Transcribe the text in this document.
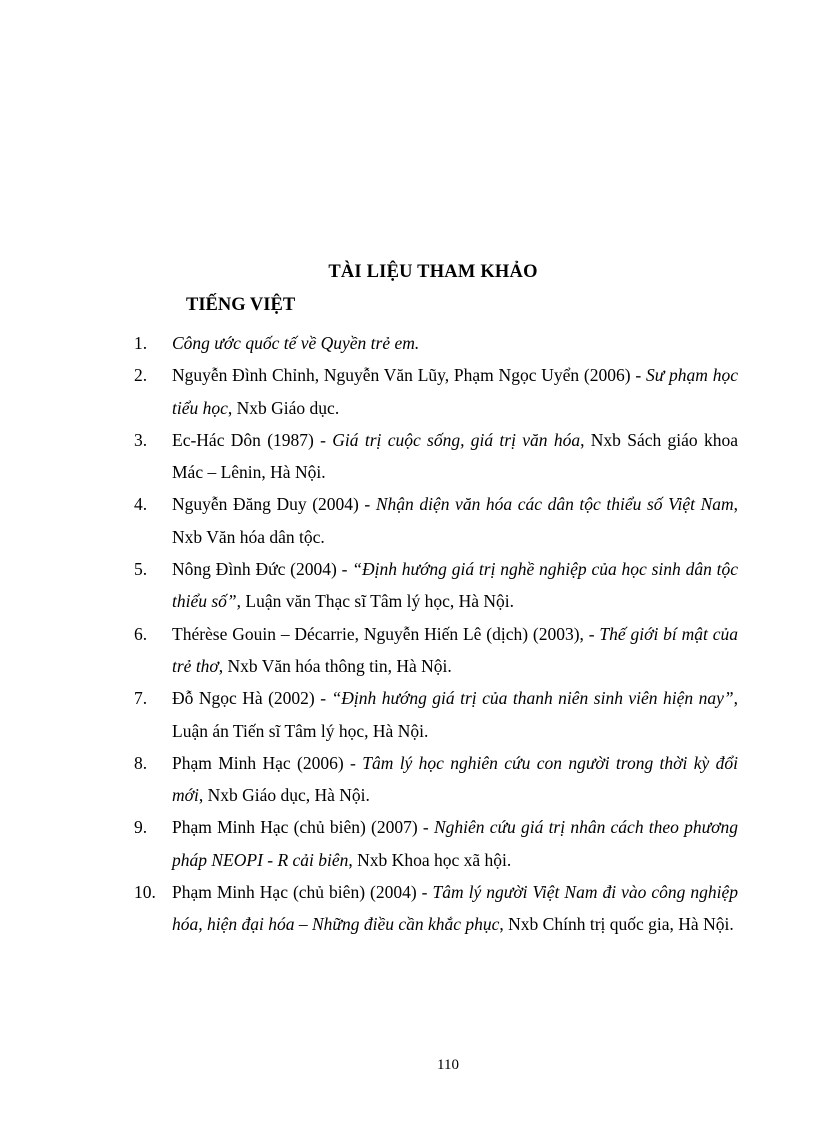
TÀI LIỆU THAM KHẢO
TIẾNG VIỆT
1. Công ước quốc tế về Quyền trẻ em.
2. Nguyễn Đình Chỉnh, Nguyễn Văn Lũy, Phạm Ngọc Uyển (2006) - Sư phạm học tiểu học, Nxb Giáo dục.
3. Ec-Hác Dôn (1987) - Giá trị cuộc sống, giá trị văn hóa, Nxb Sách giáo khoa Mác – Lênin, Hà Nội.
4. Nguyễn Đăng Duy (2004) - Nhận diện văn hóa các dân tộc thiểu số Việt Nam, Nxb Văn hóa dân tộc.
5. Nông Đình Đức (2004) - “Định hướng giá trị nghề nghiệp của học sinh dân tộc thiểu số”, Luận văn Thạc sĩ Tâm lý học, Hà Nội.
6. Thérèse Gouin – Décarrie, Nguyễn Hiến Lê (dịch) (2003), - Thế giới bí mật của trẻ thơ, Nxb Văn hóa thông tin, Hà Nội.
7. Đỗ Ngọc Hà (2002) - “Định hướng giá trị của thanh niên sinh viên hiện nay”, Luận án Tiến sĩ Tâm lý học, Hà Nội.
8. Phạm Minh Hạc (2006) - Tâm lý học nghiên cứu con người trong thời kỳ đổi mới, Nxb Giáo dục, Hà Nội.
9. Phạm Minh Hạc (chủ biên) (2007) - Nghiên cứu giá trị nhân cách theo phương pháp NEOPI - R cải biên, Nxb Khoa học xã hội.
10. Phạm Minh Hạc (chủ biên) (2004) - Tâm lý người Việt Nam đi vào công nghiệp hóa, hiện đại hóa – Những điều cần khắc phục, Nxb Chính trị quốc gia, Hà Nội.
110
